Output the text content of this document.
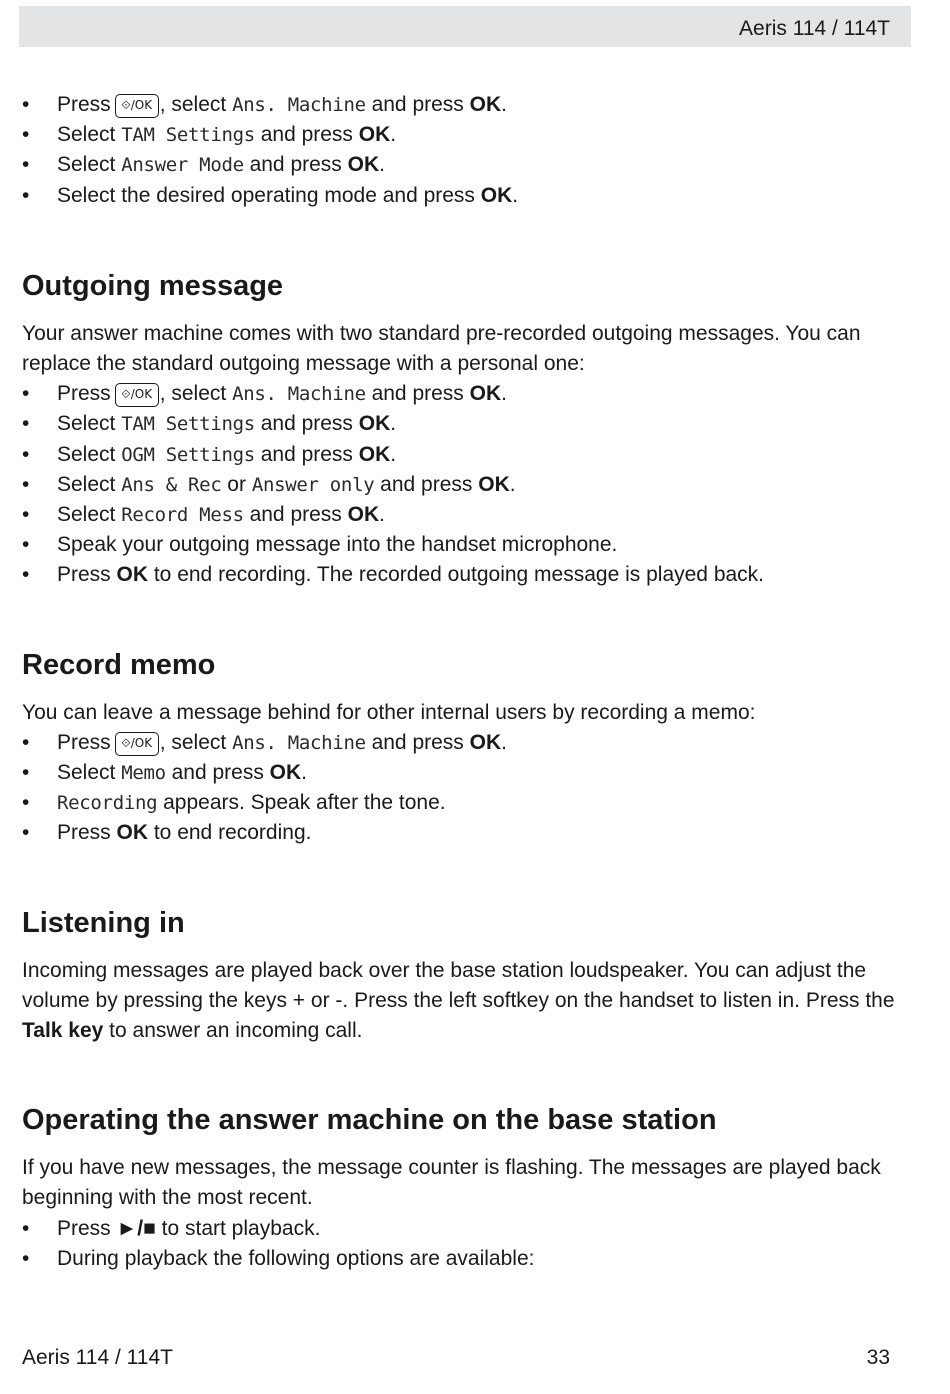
Aeris 114 / 114T
• Press ⟐/OK , select Ans. Machine and press OK.
• Select TAM Settings and press OK.
• Select Answer Mode and press OK.
• Select the desired operating mode and press OK.
Outgoing message

Your answer machine comes with two standard pre-recorded outgoing messages. You can replace the standard outgoing message with a personal one:

• Press ⟐/OK , select Ans. Machine and press OK.
• Select TAM Settings and press OK.
• Select OGM Settings and press OK.
• Select Ans & Rec or Answer only and press OK.
• Select Record Mess and press OK.
• Speak your outgoing message into the handset microphone.
• Press OK to end recording. The recorded outgoing message is played back.
Record memo

You can leave a message behind for other internal users by recording a memo:

• Press ⟐/OK , select Ans. Machine and press OK.
• Select Memo and press OK.
• Recording appears. Speak after the tone.
• Press OK to end recording.
Listening in

Incoming messages are played back over the base station loudspeaker. You can adjust the volume by pressing the keys + or -. Press the left softkey on the handset to listen in. Press the Talk key to answer an incoming call.

Operating the answer machine on the base station

If you have new messages, the message counter is flashing. The messages are played back beginning with the most recent.

• Press ►/■ to start playback.
• During playback the following options are available:
Aeris 114 / 114T	33
